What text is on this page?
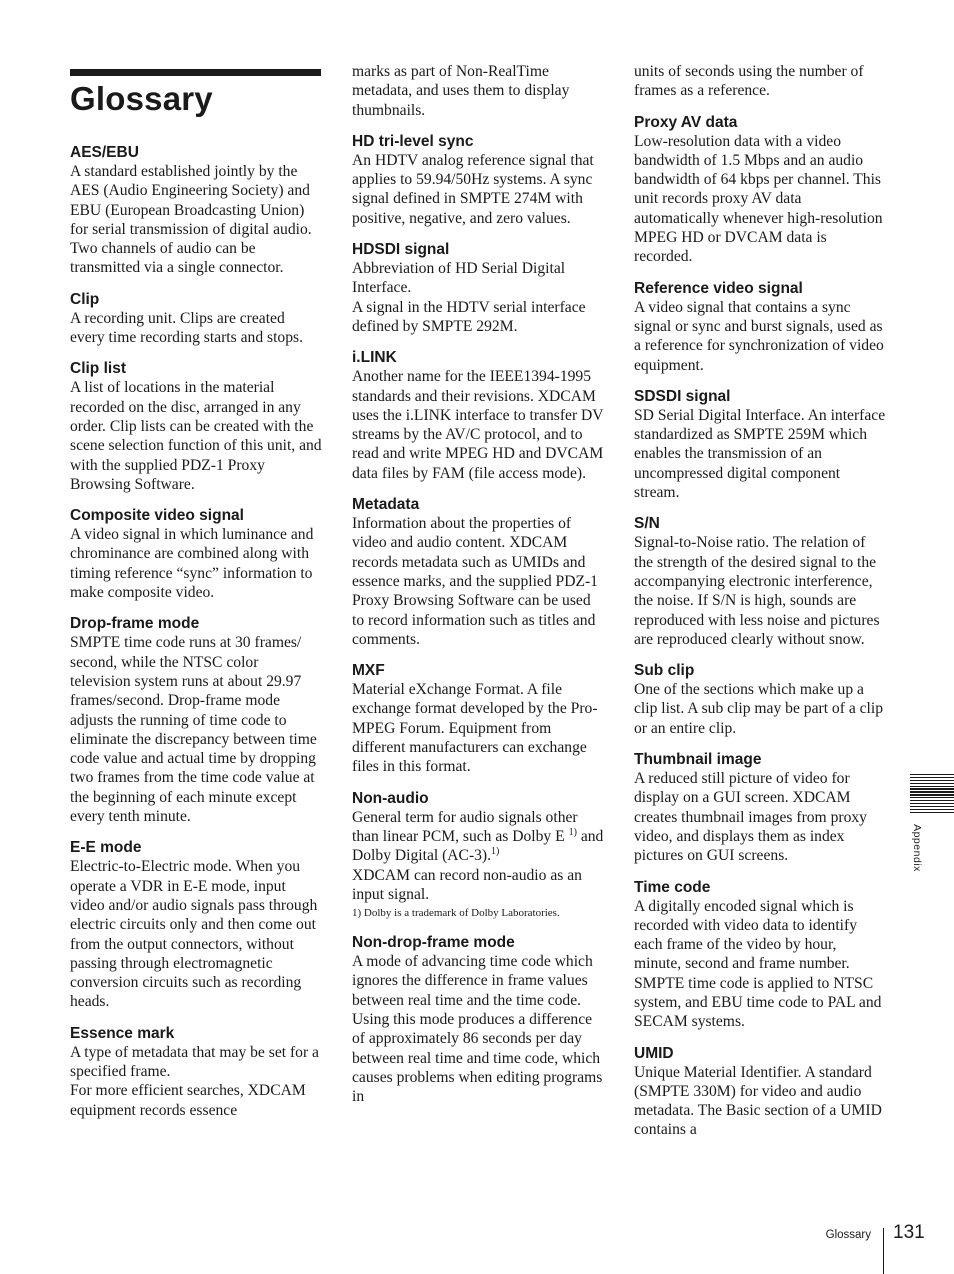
Glossary

AES/EBU

A standard established jointly by the AES (Audio Engineering Society) and EBU (European Broadcasting Union) for serial transmission of digital audio. Two channels of audio can be transmitted via a single connector.

Clip

A recording unit. Clips are created every time recording starts and stops.

Clip list

A list of locations in the material recorded on the disc, arranged in any order. Clip lists can be created with the scene selection function of this unit, and with the supplied PDZ-1 Proxy Browsing Software.

Composite video signal

A video signal in which luminance and chrominance are combined along with timing reference “sync” information to make composite video.

Drop-frame mode

SMPTE time code runs at 30 frames/ second, while the NTSC color television system runs at about 29.97 frames/second. Drop-frame mode adjusts the running of time code to eliminate the discrepancy between time code value and actual time by dropping two frames from the time code value at the beginning of each minute except every tenth minute.

E-E mode

Electric-to-Electric mode. When you operate a VDR in E-E mode, input video and/or audio signals pass through electric circuits only and then come out from the output connectors, without passing through electromagnetic conversion circuits such as recording heads.

Essence mark

A type of metadata that may be set for a specified frame.

For more efficient searches, XDCAM equipment records essence

marks as part of Non-RealTime metadata, and uses them to display thumbnails.

HD tri-level sync

An HDTV analog reference signal that applies to 59.94/50Hz systems. A sync signal defined in SMPTE 274M with positive, negative, and zero values.

HDSDI signal

Abbreviation of HD Serial Digital Interface.

A signal in the HDTV serial interface defined by SMPTE 292M.

i.LINK

Another name for the IEEE1394-1995 standards and their revisions. XDCAM uses the i.LINK interface to transfer DV streams by the AV/C protocol, and to read and write MPEG HD and DVCAM data files by FAM (file access mode).

Metadata

Information about the properties of video and audio content. XDCAM records metadata such as UMIDs and essence marks, and the supplied PDZ-1 Proxy Browsing Software can be used to record information such as titles and comments.

MXF

Material eXchange Format. A file exchange format developed by the Pro-MPEG Forum. Equipment from different manufacturers can exchange files in this format.

Non-audio

General term for audio signals other than linear PCM, such as Dolby E $^{1)}$ and Dolby Digital (AC-3).$^{1)}$

XDCAM can record non-audio as an input signal.

1) Dolby is a trademark of Dolby Laboratories.

Non-drop-frame mode

A mode of advancing time code which ignores the difference in frame values between real time and the time code. Using this mode produces a difference of approximately 86 seconds per day between real time and time code, which causes problems when editing programs in

units of seconds using the number of frames as a reference.

Proxy AV data

Low-resolution data with a video bandwidth of 1.5 Mbps and an audio bandwidth of 64 kbps per channel. This unit records proxy AV data automatically whenever high-resolution MPEG HD or DVCAM data is recorded.

Reference video signal

A video signal that contains a sync signal or sync and burst signals, used as a reference for synchronization of video equipment.

SDSDI signal

SD Serial Digital Interface. An interface standardized as SMPTE 259M which enables the transmission of an uncompressed digital component stream.

S/N

Signal-to-Noise ratio. The relation of the strength of the desired signal to the accompanying electronic interference, the noise. If S/N is high, sounds are reproduced with less noise and pictures are reproduced clearly without snow.

Sub clip

One of the sections which make up a clip list. A sub clip may be part of a clip or an entire clip.

Thumbnail image

A reduced still picture of video for display on a GUI screen. XDCAM creates thumbnail images from proxy video, and displays them as index pictures on GUI screens.

Time code

A digitally encoded signal which is recorded with video data to identify each frame of the video by hour, minute, second and frame number. SMPTE time code is applied to NTSC system, and EBU time code to PAL and SECAM systems.

UMID

Unique Material Identifier. A standard (SMPTE 330M) for video and audio metadata. The Basic section of a UMID contains a

Appendix
Glossary 131
